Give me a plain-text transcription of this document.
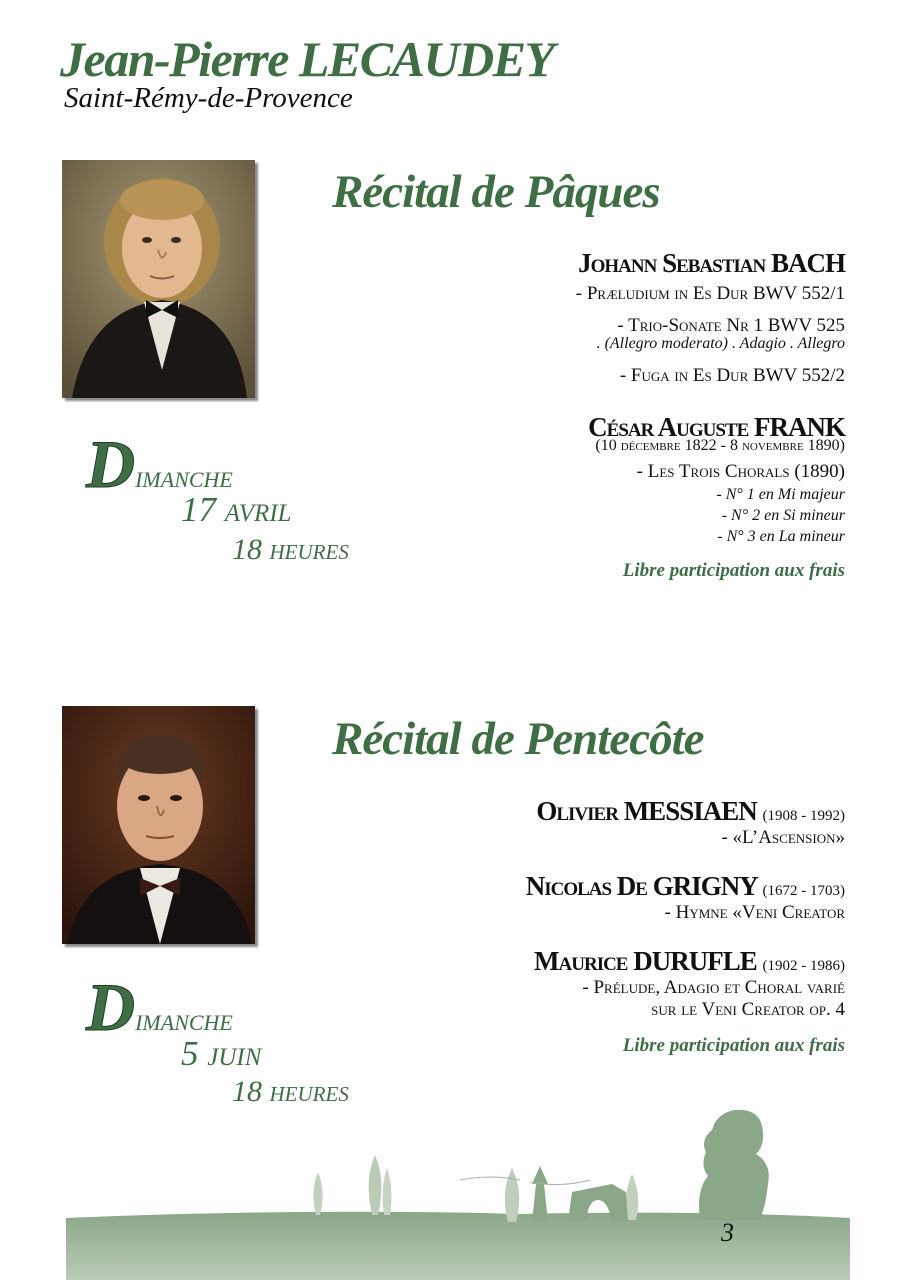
Jean-Pierre LECAUDEY
Saint-Rémy-de-Provence
Récital de Pâques
Johann Sebastian BACH
- Præludium in Es Dur BWV 552/1
- Trio-Sonate Nr 1 BWV 525
. (Allegro moderato) . Adagio . Allegro
- Fuga in Es Dur BWV 552/2
César Auguste FRANK
(10 décembre 1822 - 8 novembre 1890)
- Les Trois Chorals (1890)
- N° 1 en Mi majeur
- N° 2 en Si mineur
- N° 3 en La mineur
Libre participation aux frais
Dimanche
17 avril
18 heures
Récital de Pentecôte
Olivier MESSIAEN (1908 - 1992)
- «L’Ascension»
Nicolas De GRIGNY (1672 - 1703)
- Hymne «Veni Creator
Maurice DURUFLE (1902 - 1986)
- Prélude, Adagio et Choral varié
sur le Veni Creator op. 4
Libre participation aux frais
Dimanche
5 juin
18 heures
3
